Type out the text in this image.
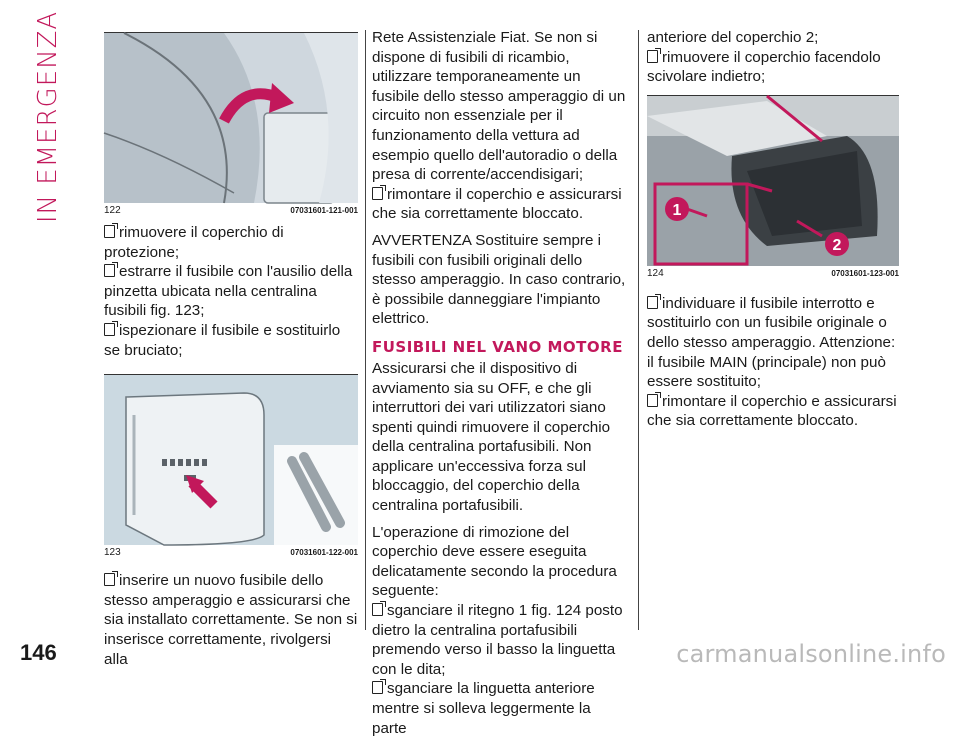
IN EMERGENZA	122	07031601-121-001

rimuovere il coperchio di protezione;

estrarre il fusibile con l'ausilio della pinzetta ubicata nella centralina fusibili fig. 123;

ispezionare il fusibile e sostituirlo se bruciato;

123	07031601-122-001

inserire un nuovo fusibile dello stesso amperaggio e assicurarsi che sia installato correttamente. Se non si inserisce correttamente, rivolgersi alla

Rete Assistenziale Fiat. Se non si dispone di fusibili di ricambio, utilizzare temporaneamente un fusibile dello stesso amperaggio di un circuito non essenziale per il funzionamento della vettura ad esempio quello dell'autoradio o della presa di corrente/accendisigari;

rimontare il coperchio e assicurarsi che sia correttamente bloccato.

AVVERTENZA Sostituire sempre i fusibili con fusibili originali dello stesso amperaggio. In caso contrario, è possibile danneggiare l'impianto elettrico.

FUSIBILI NEL VANO MOTORE

Assicurarsi che il dispositivo di avviamento sia su OFF, e che gli interruttori dei vari utilizzatori siano spenti quindi rimuovere il coperchio della centralina portafusibili. Non applicare un'eccessiva forza sul bloccaggio, del coperchio della centralina portafusibili.

L'operazione di rimozione del coperchio deve essere eseguita delicatamente secondo la procedura seguente:

sganciare il ritegno 1 fig. 124 posto dietro la centralina portafusibili premendo verso il basso la linguetta con le dita;

sganciare la linguetta anteriore mentre si solleva leggermente la parte

anteriore del coperchio 2;

rimuovere il coperchio facendolo scivolare indietro;

1
2
124	07031601-123-001

individuare il fusibile interrotto e sostituirlo con un fusibile originale o dello stesso amperaggio. Attenzione: il fusibile MAIN (principale) non può essere sostituito;

rimontare il coperchio e assicurarsi che sia correttamente bloccato.

146	carmanualsonline.info
